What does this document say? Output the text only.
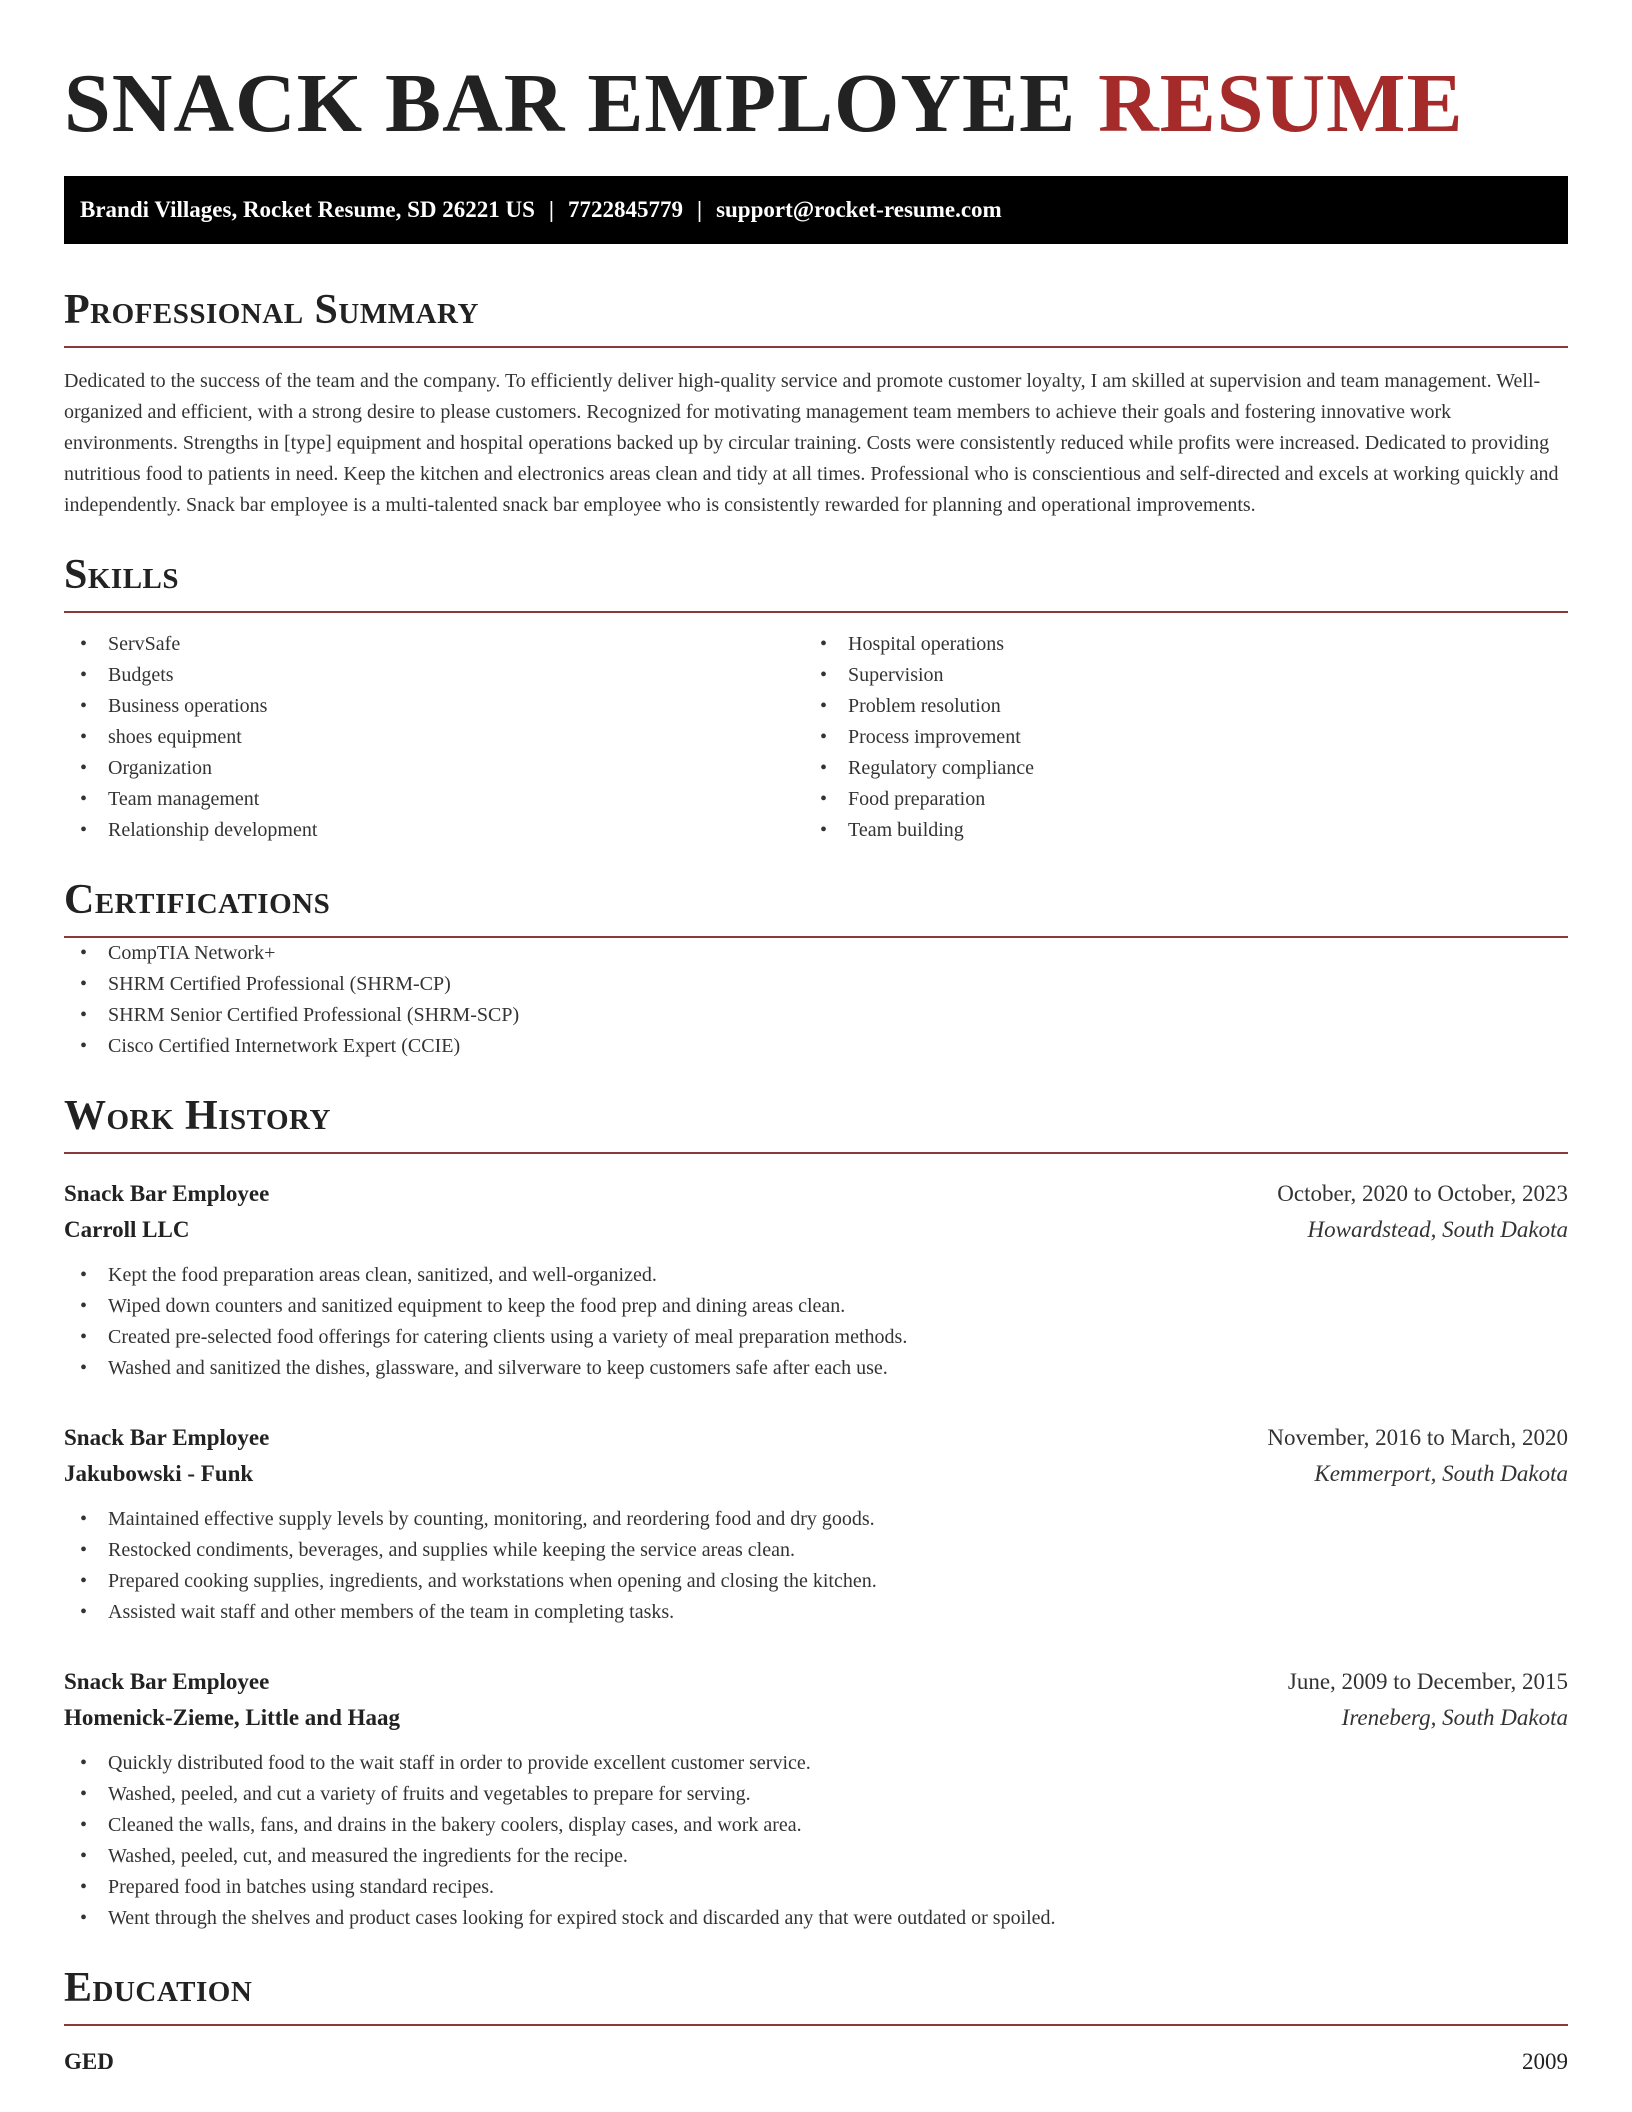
SNACK BAR EMPLOYEE RESUME
Brandi Villages, Rocket Resume, SD 26221 US | 7722845779 | support@rocket-resume.com
Professional Summary

Dedicated to the success of the team and the company. To efficiently deliver high-quality service and promote customer loyalty, I am skilled at supervision and team management. Well-organized and efficient, with a strong desire to please customers. Recognized for motivating management team members to achieve their goals and fostering innovative work environments. Strengths in [type] equipment and hospital operations backed up by circular training. Costs were consistently reduced while profits were increased. Dedicated to providing nutritious food to patients in need. Keep the kitchen and electronics areas clean and tidy at all times. Professional who is conscientious and self-directed and excels at working quickly and independently. Snack bar employee is a multi-talented snack bar employee who is consistently rewarded for planning and operational improvements.

Skills
• ServSafe
• Budgets
• Business operations
• shoes equipment
• Organization
• Team management
• Relationship development
• Hospital operations
• Supervision
• Problem resolution
• Process improvement
• Regulatory compliance
• Food preparation
• Team building
Certifications
• CompTIA Network+
• SHRM Certified Professional (SHRM-CP)
• SHRM Senior Certified Professional (SHRM-SCP)
• Cisco Certified Internetwork Expert (CCIE)
Work History
Snack Bar Employee	October, 2020 to October, 2023
Carroll LLC	Howardstead, South Dakota
• Kept the food preparation areas clean, sanitized, and well-organized.
• Wiped down counters and sanitized equipment to keep the food prep and dining areas clean.
• Created pre-selected food offerings for catering clients using a variety of meal preparation methods.
• Washed and sanitized the dishes, glassware, and silverware to keep customers safe after each use.
Snack Bar Employee	November, 2016 to March, 2020
Jakubowski - Funk	Kemmerport, South Dakota
• Maintained effective supply levels by counting, monitoring, and reordering food and dry goods.
• Restocked condiments, beverages, and supplies while keeping the service areas clean.
• Prepared cooking supplies, ingredients, and workstations when opening and closing the kitchen.
• Assisted wait staff and other members of the team in completing tasks.
Snack Bar Employee	June, 2009 to December, 2015
Homenick-Zieme, Little and Haag	Ireneberg, South Dakota
• Quickly distributed food to the wait staff in order to provide excellent customer service.
• Washed, peeled, and cut a variety of fruits and vegetables to prepare for serving.
• Cleaned the walls, fans, and drains in the bakery coolers, display cases, and work area.
• Washed, peeled, cut, and measured the ingredients for the recipe.
• Prepared food in batches using standard recipes.
• Went through the shelves and product cases looking for expired stock and discarded any that were outdated or spoiled.
Education
GED	2009
